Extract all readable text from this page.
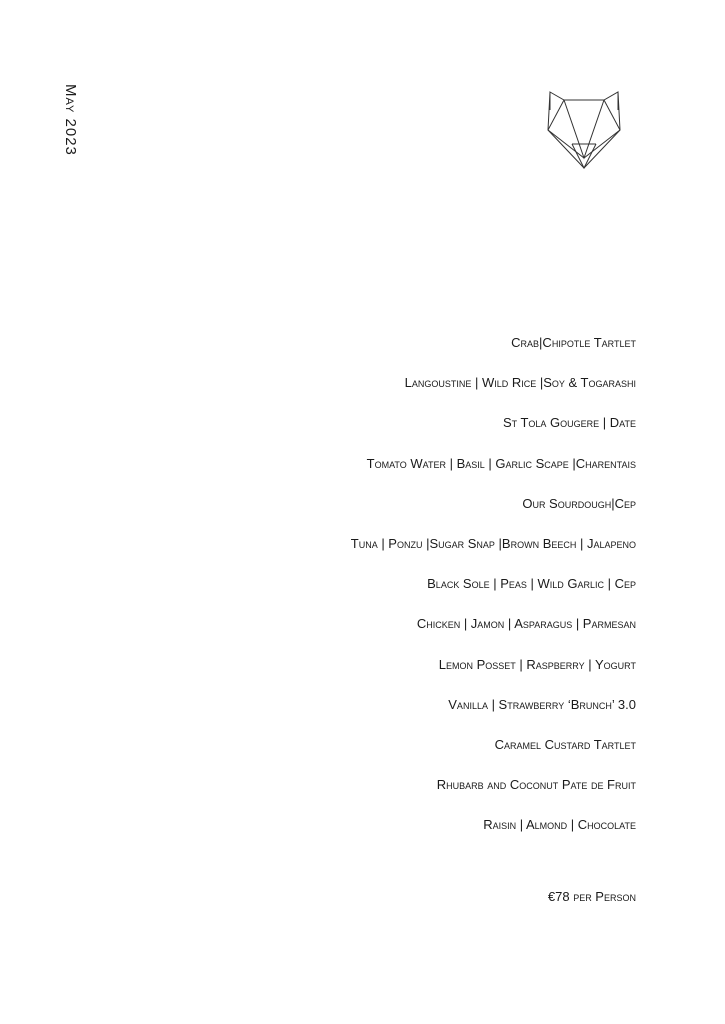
May 2023
Crab|Chipotle Tartlet
Langoustine | Wild Rice |Soy & Togarashi
St Tola Gougere | Date
Tomato Water | Basil | Garlic Scape |Charentais
Our Sourdough|Cep
Tuna | Ponzu |Sugar Snap |Brown Beech | Jalapeno
Black Sole | Peas | Wild Garlic | Cep
Chicken | Jamon | Asparagus | Parmesan
Lemon Posset | Raspberry | Yogurt
Vanilla | Strawberry ‘Brunch’ 3.0
Caramel Custard Tartlet
Rhubarb and Coconut Pate de Fruit
Raisin | Almond | Chocolate
€78 per Person
